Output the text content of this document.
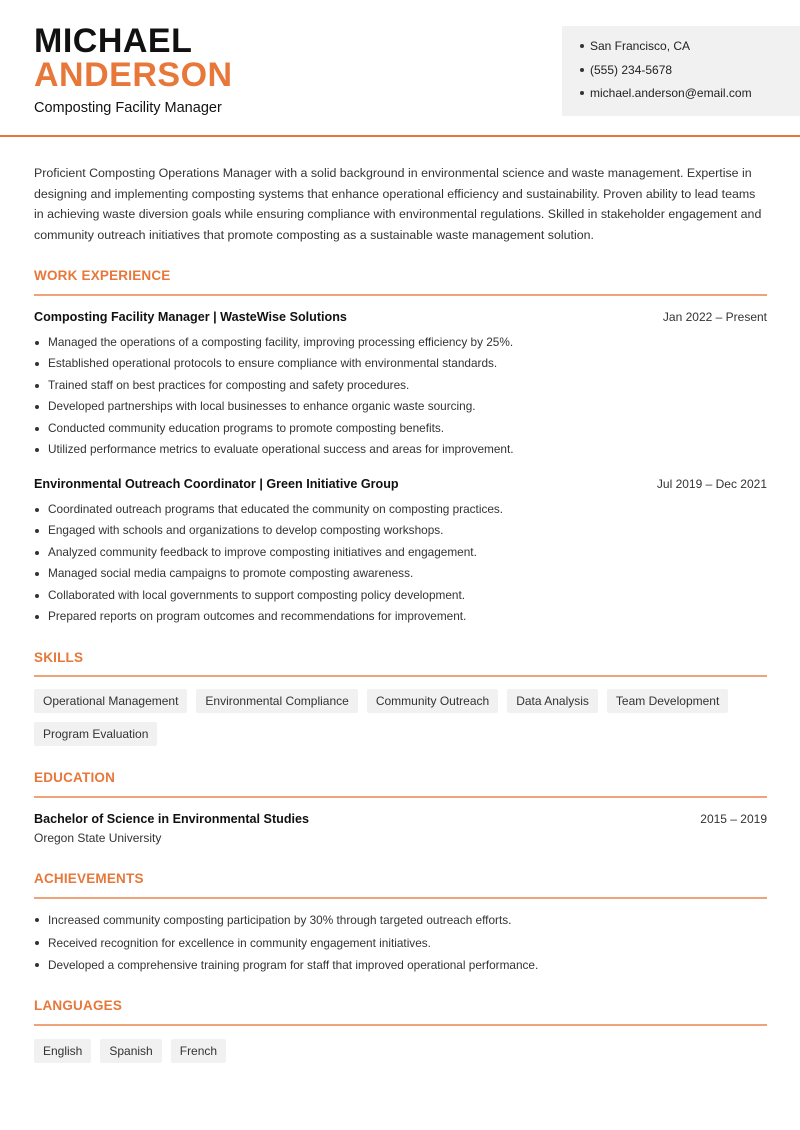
MICHAEL
ANDERSON
Composting Facility Manager
San Francisco, CA
(555) 234-5678
michael.anderson@email.com

Proficient Composting Operations Manager with a solid background in environmental science and waste management. Expertise in designing and implementing composting systems that enhance operational efficiency and sustainability. Proven ability to lead teams in achieving waste diversion goals while ensuring compliance with environmental regulations. Skilled in stakeholder engagement and community outreach initiatives that promote composting as a sustainable waste management solution.

WORK EXPERIENCE
Composting Facility Manager | WasteWise Solutions	Jan 2022 – Present
Managed the operations of a composting facility, improving processing efficiency by 25%.
Established operational protocols to ensure compliance with environmental standards.
Trained staff on best practices for composting and safety procedures.
Developed partnerships with local businesses to enhance organic waste sourcing.
Conducted community education programs to promote composting benefits.
Utilized performance metrics to evaluate operational success and areas for improvement.
Environmental Outreach Coordinator | Green Initiative Group	Jul 2019 – Dec 2021
Coordinated outreach programs that educated the community on composting practices.
Engaged with schools and organizations to develop composting workshops.
Analyzed community feedback to improve composting initiatives and engagement.
Managed social media campaigns to promote composting awareness.
Collaborated with local governments to support composting policy development.
Prepared reports on program outcomes and recommendations for improvement.
SKILLS
Operational Management	Environmental Compliance	Community Outreach	Data Analysis	Team Development
Program Evaluation
EDUCATION
Bachelor of Science in Environmental Studies	2015 – 2019
Oregon State University
ACHIEVEMENTS
Increased community composting participation by 30% through targeted outreach efforts.
Received recognition for excellence in community engagement initiatives.
Developed a comprehensive training program for staff that improved operational performance.
LANGUAGES
English	Spanish	French
